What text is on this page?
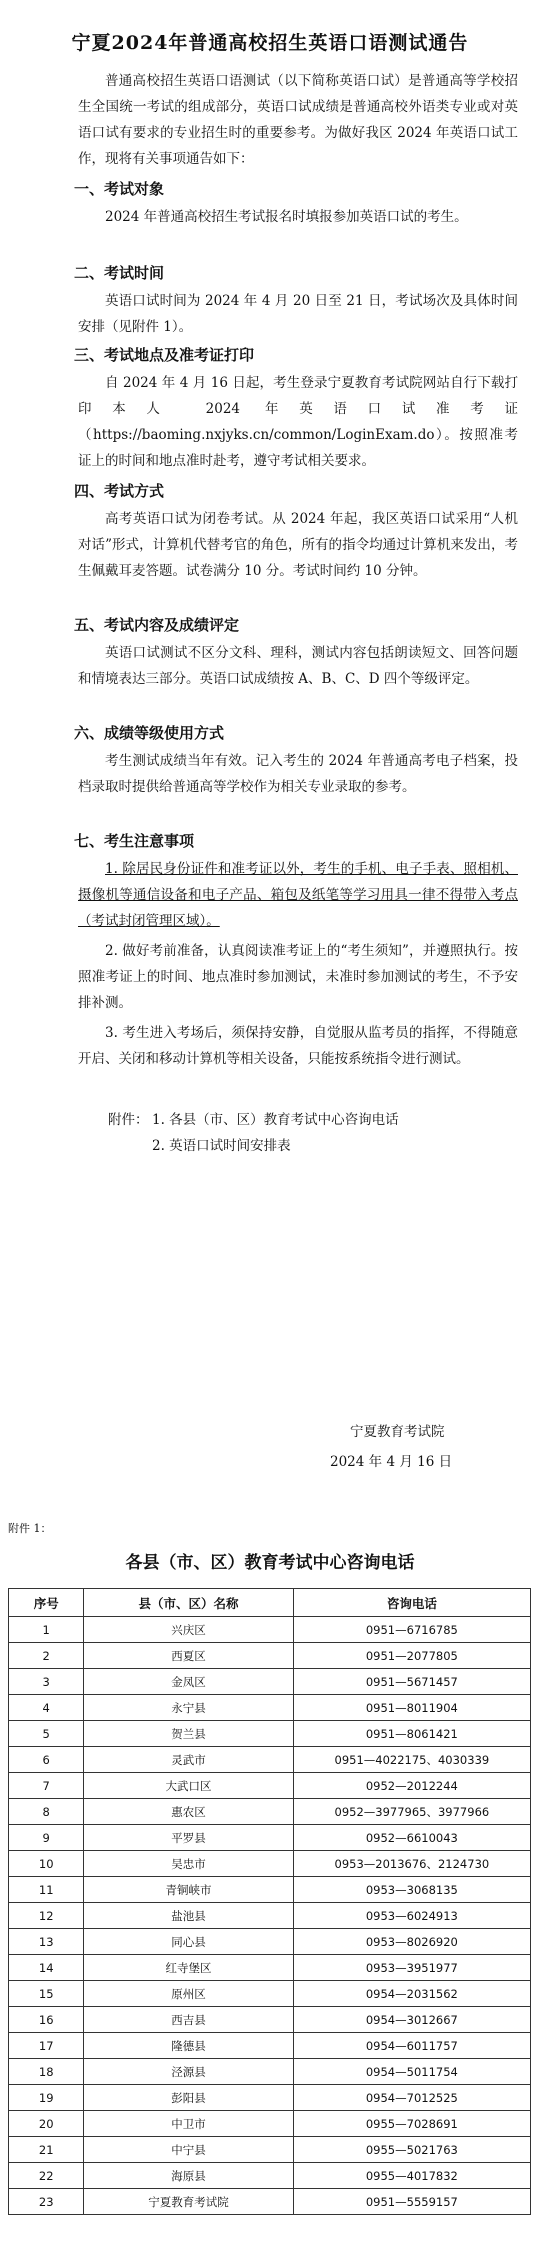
宁夏2024年普通高校招生英语口语测试通告

普通高校招生英语口语测试（以下简称英语口试）是普通高等学校招生全国统一考试的组成部分，英语口试成绩是普通高校外语类专业或对英语口试有要求的专业招生时的重要参考。为做好我区 2024 年英语口试工作，现将有关事项通告如下：

一、考试对象

2024 年普通高校招生考试报名时填报参加英语口试的考生。

二、考试时间

英语口试时间为 2024 年 4 月 20 日至 21 日，考试场次及具体时间安排（见附件 1）。

三、考试地点及准考证打印

自 2024 年 4 月 16 日起，考生登录宁夏教育考试院网站自行下载打印本人 2024 年英语口试准考证（https://baoming.nxjyks.cn/common/LoginExam.do）。按照准考证上的时间和地点准时赴考，遵守考试相关要求。

四、考试方式

高考英语口试为闭卷考试。从 2024 年起，我区英语口试采用“人机对话”形式，计算机代替考官的角色，所有的指令均通过计算机来发出，考生佩戴耳麦答题。试卷满分 10 分。考试时间约 10 分钟。

五、考试内容及成绩评定

英语口试测试不区分文科、理科，测试内容包括朗读短文、回答问题和情境表达三部分。英语口试成绩按 A、B、C、D 四个等级评定。

六、成绩等级使用方式

考生测试成绩当年有效。记入考生的 2024 年普通高考电子档案，投档录取时提供给普通高等学校作为相关专业录取的参考。

七、考生注意事项

1. 除居民身份证件和准考证以外，考生的手机、电子手表、照相机、摄像机等通信设备和电子产品、箱包及纸笔等学习用具一律不得带入考点（考试封闭管理区域）。

2. 做好考前准备，认真阅读准考证上的“考生须知”，并遵照执行。按照准考证上的时间、地点准时参加测试，未准时参加测试的考生，不予安排补测。

3. 考生进入考场后，须保持安静，自觉服从监考员的指挥，不得随意开启、关闭和移动计算机等相关设备，只能按系统指令进行测试。

附件： 1. 各县（市、区）教育考试中心咨询电话
2. 英语口试时间安排表
宁夏教育考试院
2024 年 4 月 16 日
附件 1：
各县（市、区）教育考试中心咨询电话
序号	县（市、区）名称	咨询电话
1	兴庆区	0951—6716785
2	西夏区	0951—2077805
3	金凤区	0951—5671457
4	永宁县	0951—8011904
5	贺兰县	0951—8061421
6	灵武市	0951—4022175、4030339
7	大武口区	0952—2012244
8	惠农区	0952—3977965、3977966
9	平罗县	0952—6610043
10	吴忠市	0953—2013676、2124730
11	青铜峡市	0953—3068135
12	盐池县	0953—6024913
13	同心县	0953—8026920
14	红寺堡区	0953—3951977
15	原州区	0954—2031562
16	西吉县	0954—3012667
17	隆德县	0954—6011757
18	泾源县	0954—5011754
19	彭阳县	0954—7012525
20	中卫市	0955—7028691
21	中宁县	0955—5021763
22	海原县	0955—4017832
23	宁夏教育考试院	0951—5559157
